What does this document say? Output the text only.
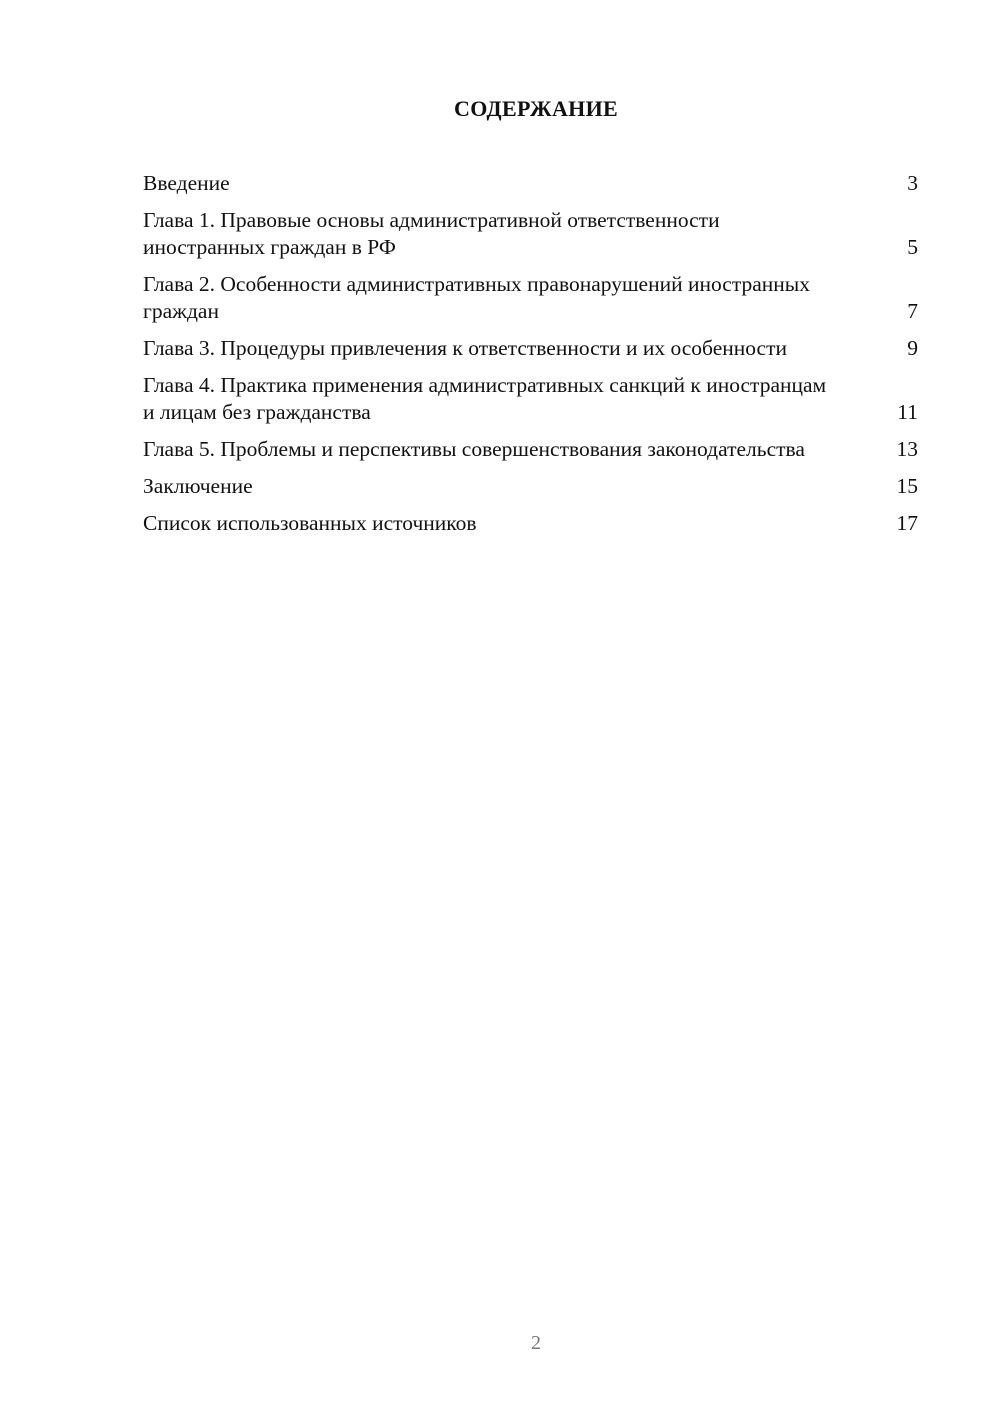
СОДЕРЖАНИЕ
Введение	3
Глава 1. Правовые основы административной ответственности иностранных граждан в РФ	5
Глава 2. Особенности административных правонарушений иностранных граждан	7
Глава 3. Процедуры привлечения к ответственности и их особенности	9
Глава 4. Практика применения административных санкций к иностранцам и лицам без гражданства	11
Глава 5. Проблемы и перспективы совершенствования законодательства	13
Заключение	15
Список использованных источников	17
2
